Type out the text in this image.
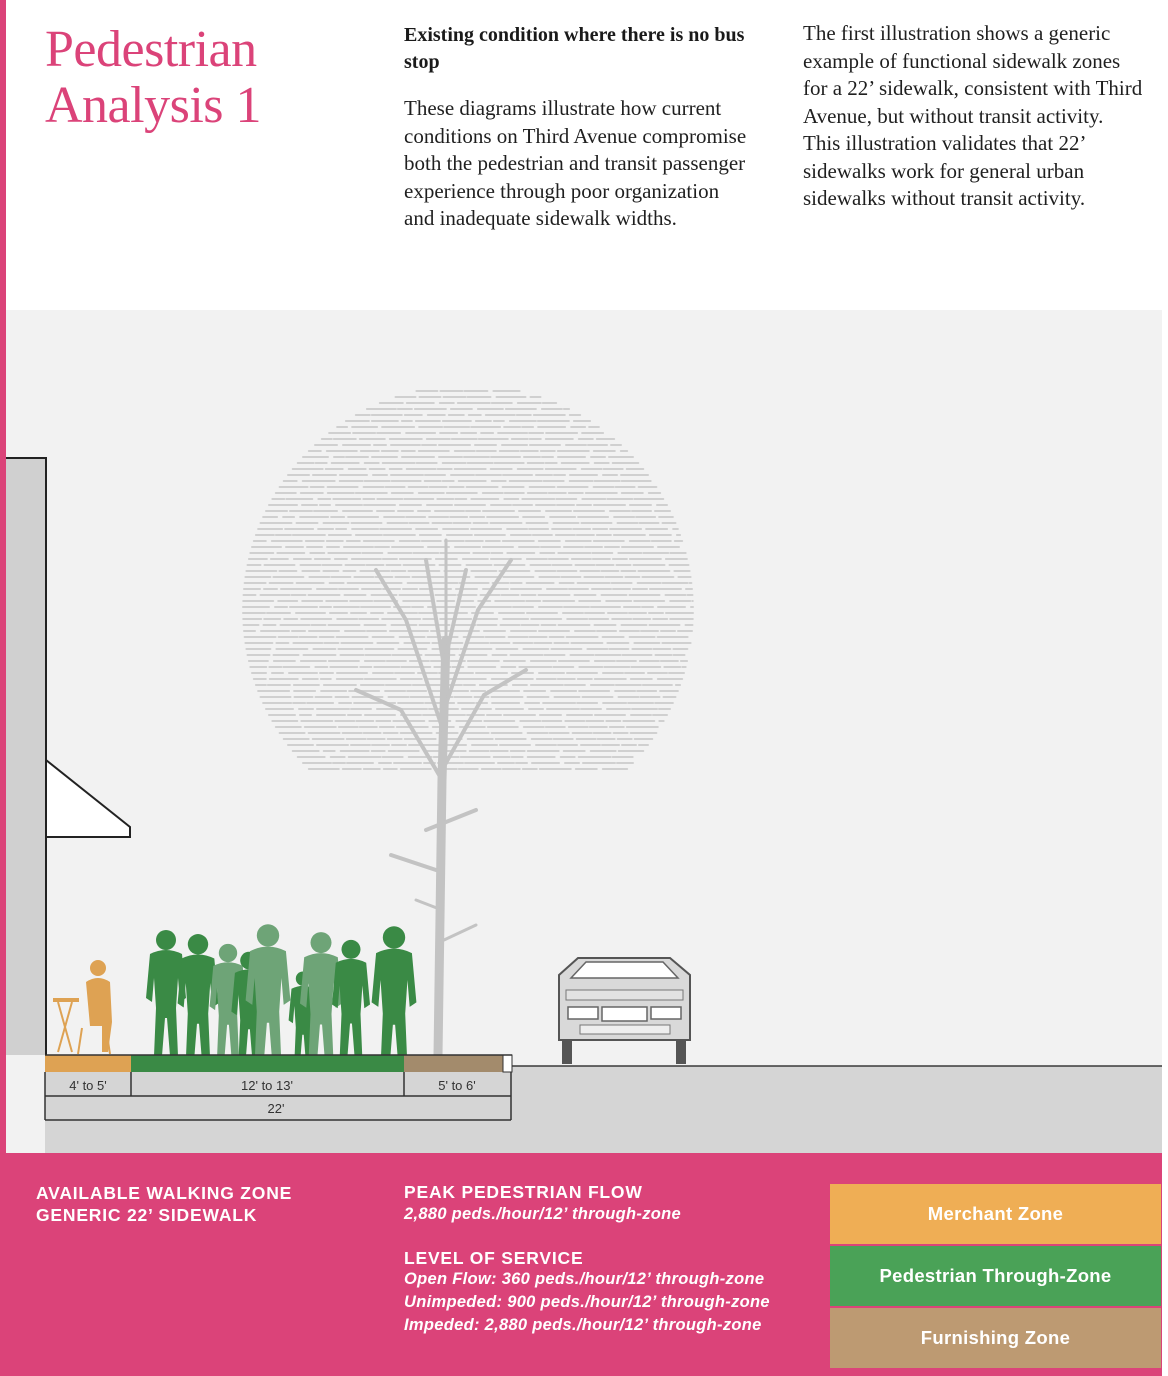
Pedestrian
Analysis 1
Existing condition where there is no bus stop
These diagrams illustrate how current conditions on Third Avenue compromise both the pedestrian and transit passenger experience through poor organization and inadequate sidewalk widths.
The first illustration shows a generic example of functional sidewalk zones for a 22’ sidewalk, consistent with Third Avenue, but without transit activity. This illustration validates that 22’ sidewalks work for general urban sidewalks without transit activity.
4' to 5'	12' to 13'	5' to 6'
22'
AVAILABLE WALKING ZONE
GENERIC 22’ SIDEWALK
PEAK PEDESTRIAN FLOW
2,880 peds./hour/12’ through-zone
LEVEL OF SERVICE
Open Flow: 360 peds./hour/12’ through-zone
Unimpeded: 900 peds./hour/12’ through-zone
Impeded: 2,880 peds./hour/12’ through-zone
Merchant Zone
Pedestrian Through-Zone
Furnishing Zone
